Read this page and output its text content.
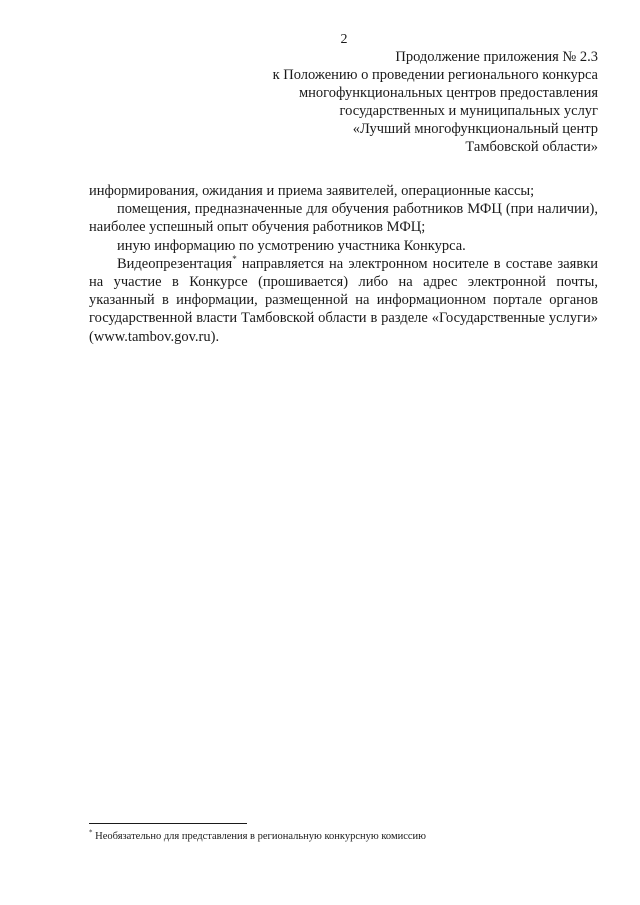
2
Продолжение приложения № 2.3
к Положению о проведении регионального конкурса
многофункциональных центров предоставления
государственных и муниципальных услуг
«Лучший многофункциональный центр
Тамбовской области»

информирования, ожидания и приема заявителей, операционные кассы;

помещения, предназначенные для обучения работников МФЦ (при наличии), наиболее успешный опыт обучения работников МФЦ;

иную информацию по усмотрению участника Конкурса.

Видеопрезентация* направляется на электронном носителе в составе заявки на участие в Конкурсе (прошивается) либо на адрес электронной почты, указанный в информации, размещенной на информационном портале органов государственной власти Тамбовской области в разделе «Государственные услуги» (www.tambov.gov.ru).

* Необязательно для представления в региональную конкурсную комиссию
